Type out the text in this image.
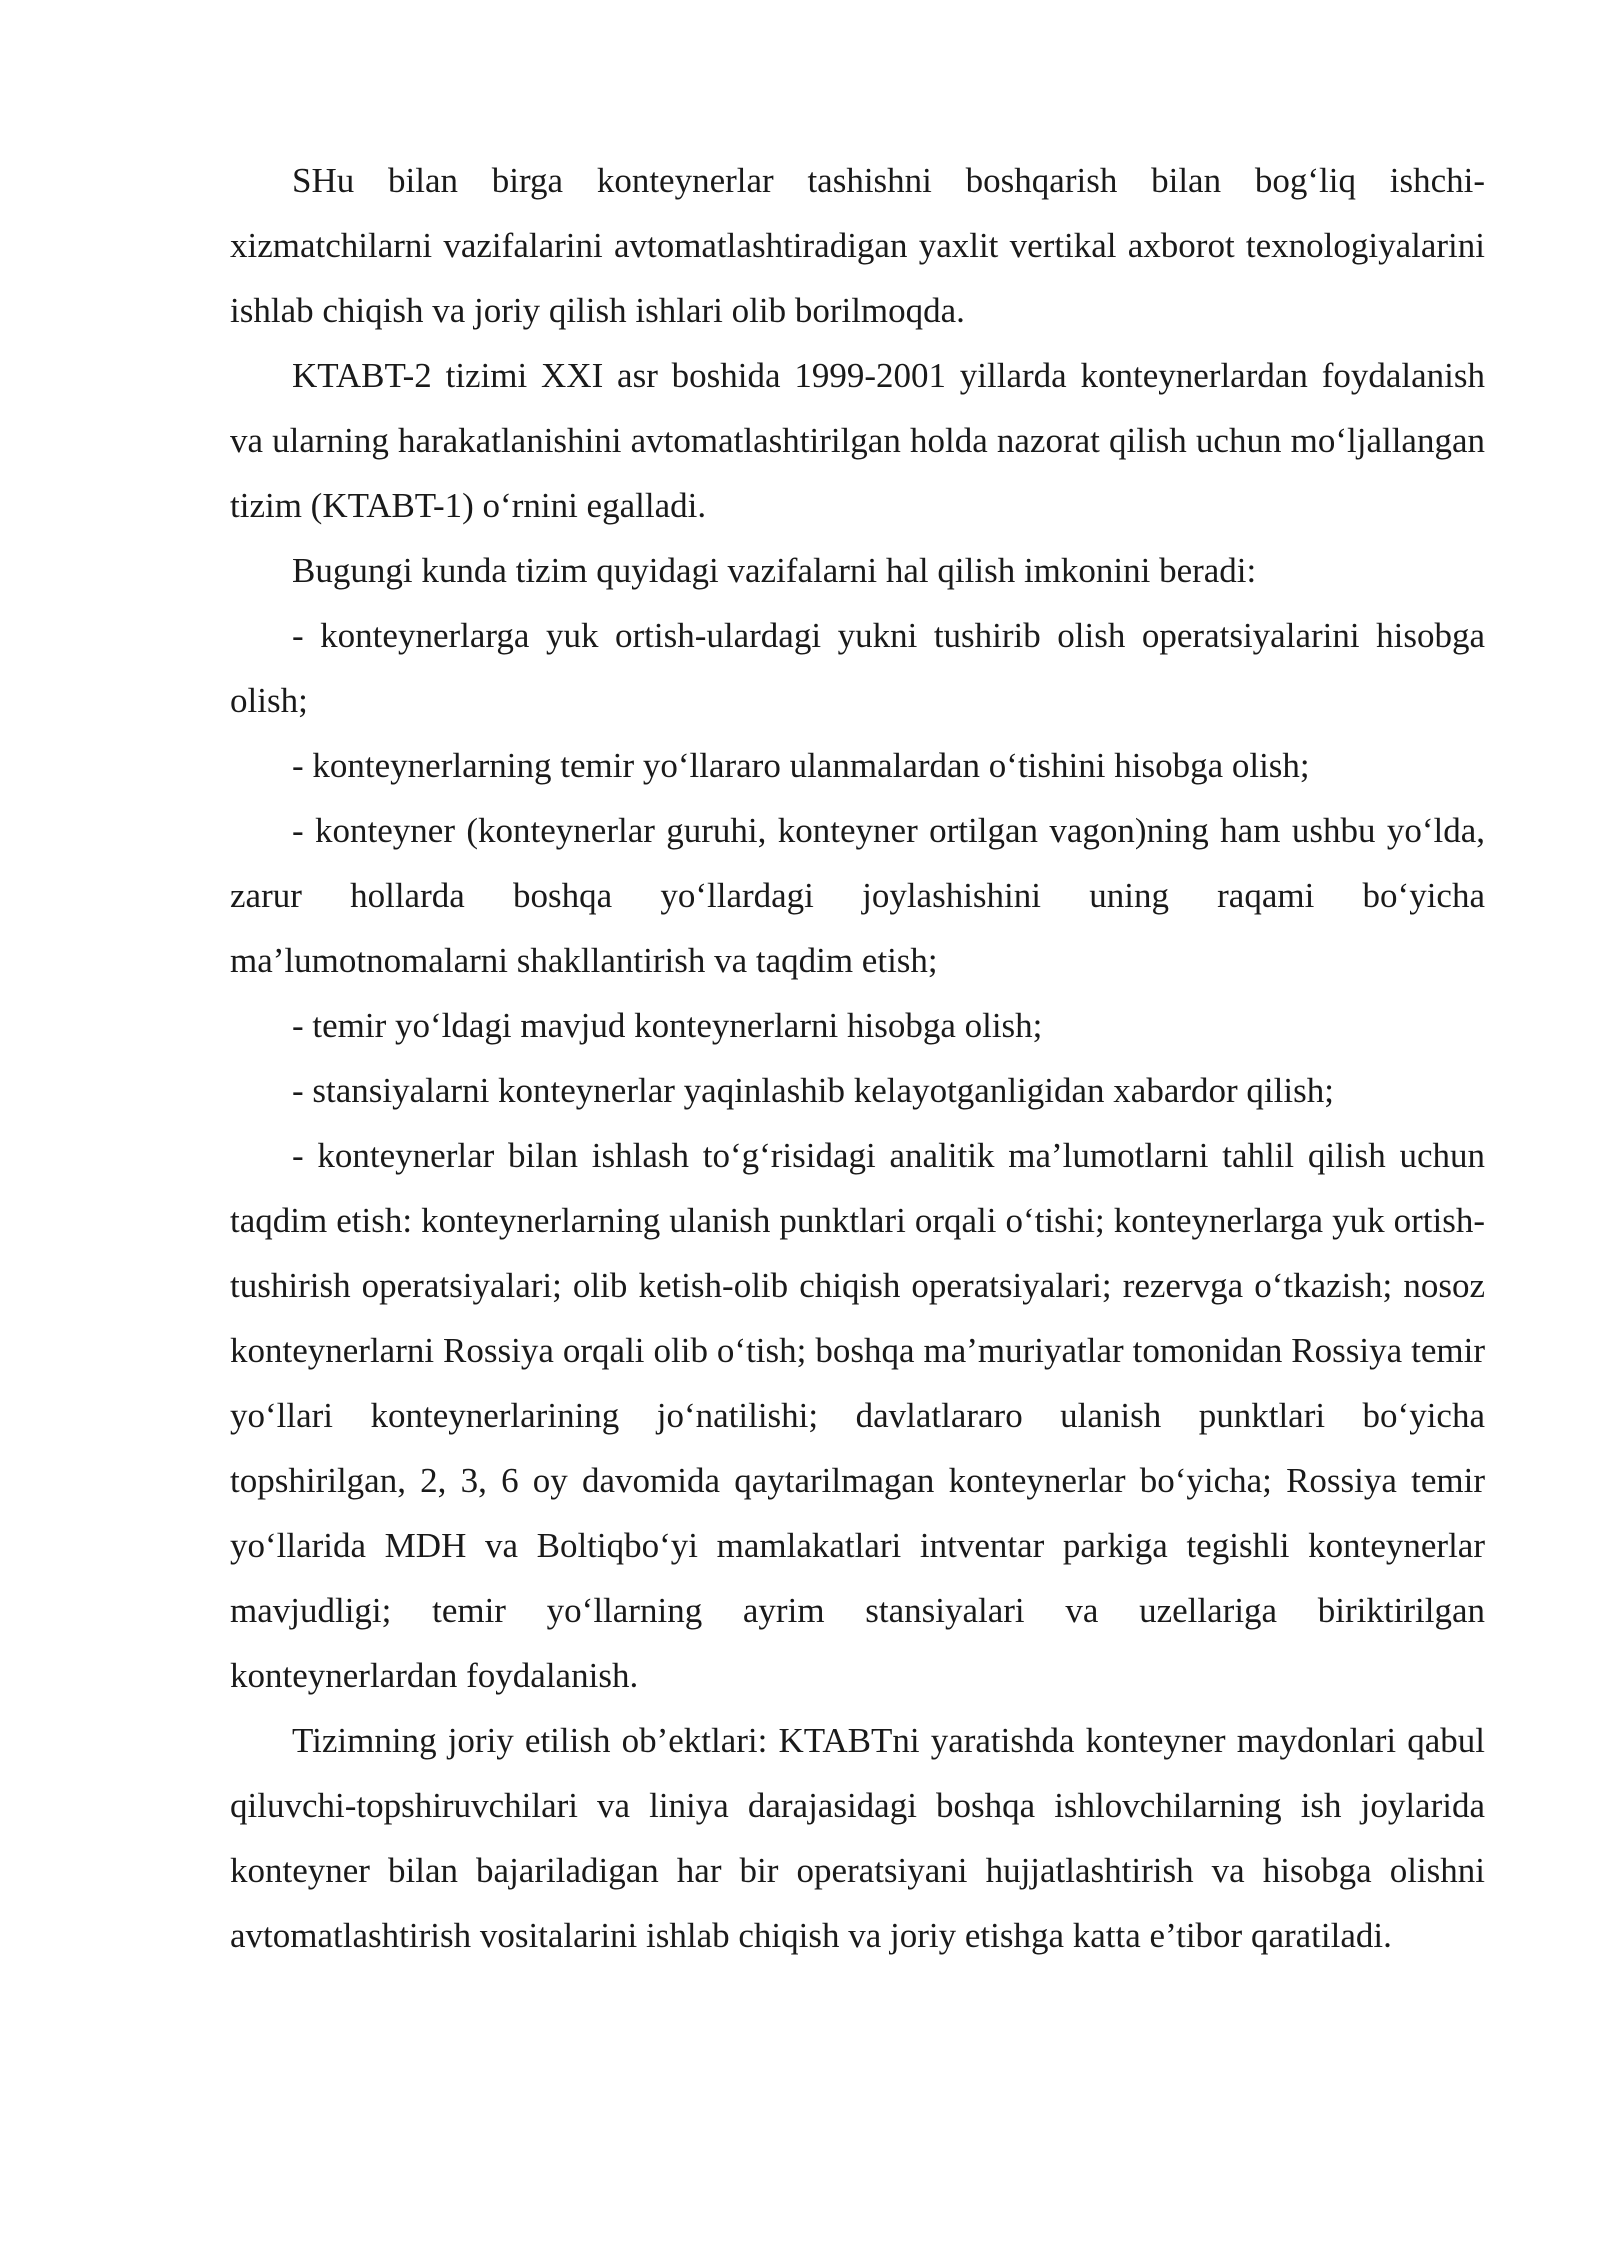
SHu bilan birga konteynerlar tashishni boshqarish bilan bog‘liq ishchi-xizmatchilarni vazifalarini avtomatlashtiradigan yaxlit vertikal axborot texnologiyalarini ishlab chiqish va joriy qilish ishlari olib borilmoqda.

KTABT-2 tizimi XXI asr boshida 1999-2001 yillarda konteynerlardan foydalanish va ularning harakatlanishini avtomatlashtirilgan holda nazorat qilish uchun mo‘ljallangan tizim (KTABT-1) o‘rnini egalladi.

Bugungi kunda tizim quyidagi vazifalarni hal qilish imkonini beradi:

- konteynerlarga yuk ortish-ulardagi yukni tushirib olish operatsiyalarini hisobga olish;

- konteynerlarning temir yo‘llararo ulanmalardan o‘tishini hisobga olish;

- konteyner (konteynerlar guruhi, konteyner ortilgan vagon)ning ham ushbu yo‘lda, zarur hollarda boshqa yo‘llardagi joylashishini uning raqami bo‘yicha ma’lumotnomalarni shakllantirish va taqdim etish;

- temir yo‘ldagi mavjud konteynerlarni hisobga olish;

- stansiyalarni konteynerlar yaqinlashib kelayotganligidan xabardor qilish;

- konteynerlar bilan ishlash to‘g‘risidagi analitik ma’lumotlarni tahlil qilish uchun taqdim etish: konteynerlarning ulanish punktlari orqali o‘tishi; konteynerlarga yuk ortish-tushirish operatsiyalari; olib ketish-olib chiqish operatsiyalari; rezervga o‘tkazish; nosoz konteynerlarni Rossiya orqali olib o‘tish; boshqa ma’muriyatlar tomonidan Rossiya temir yo‘llari konteynerlarining jo‘natilishi; davlatlararo ulanish punktlari bo‘yicha topshirilgan, 2, 3, 6 oy davomida qaytarilmagan konteynerlar bo‘yicha; Rossiya temir yo‘llarida MDH va Boltiqbo‘yi mamlakatlari intventar parkiga tegishli konteynerlar mavjudligi; temir yo‘llarning ayrim stansiyalari va uzellariga biriktirilgan konteynerlardan foydalanish.

Tizimning joriy etilish ob’ektlari: KTABTni yaratishda konteyner maydonlari qabul qiluvchi-topshiruvchilari va liniya darajasidagi boshqa ishlovchilarning ish joylarida konteyner bilan bajariladigan har bir operatsiyani hujjatlashtirish va hisobga olishni avtomatlashtirish vositalarini ishlab chiqish va joriy etishga katta e’tibor qaratiladi.
